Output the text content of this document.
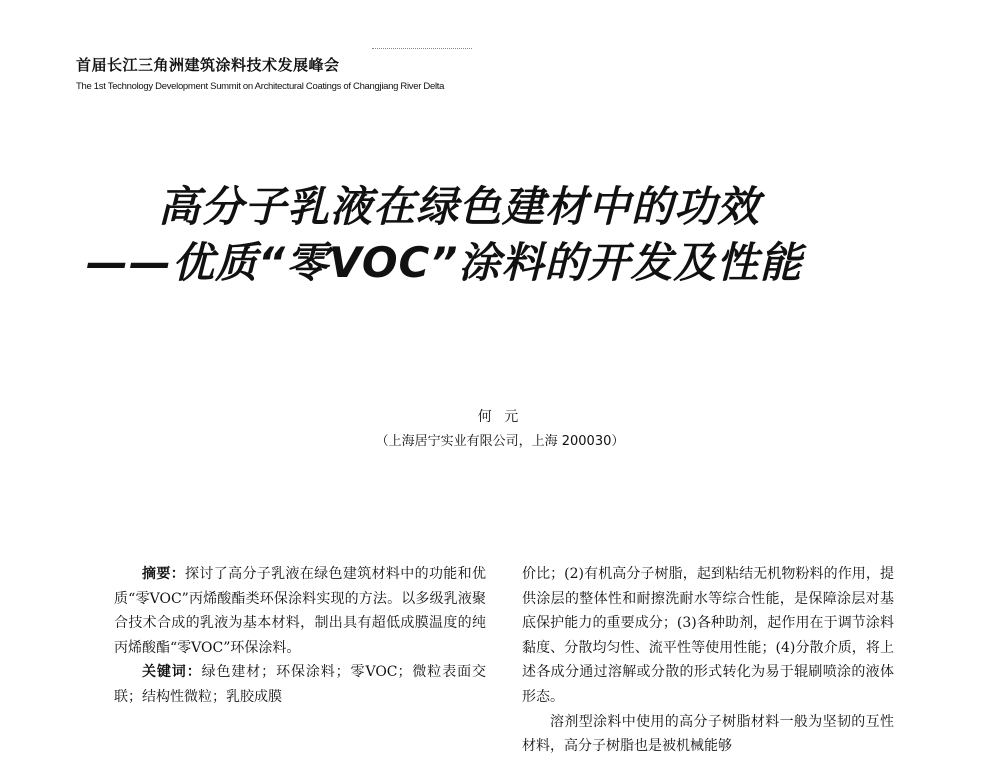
首届长江三角洲建筑涂料技术发展峰会
The 1st Technology Development Summit on Architectural Coatings of Changjiang River Delta
高分子乳液在绿色建材中的功效
——优质“零VOC”涂料的开发及性能
何 元
（上海居宁实业有限公司，上海 200030）

摘要：探讨了高分子乳液在绿色建筑材料中的功能和优质“零VOC”丙烯酸酯类环保涂料实现的方法。以多级乳液聚合技术合成的乳液为基本材料，制出具有超低成膜温度的纯丙烯酸酯“零VOC”环保涂料。

关键词：绿色建材；环保涂料；零VOC；微粒表面交联；结构性微粒；乳胶成膜

价比；(2)有机高分子树脂，起到粘结无机物粉料的作用，提供涂层的整体性和耐擦洗耐水等综合性能，是保障涂层对基底保护能力的重要成分；(3)各种助剂，起作用在于调节涂料黏度、分散均匀性、流平性等使用性能；(4)分散介质，将上述各成分通过溶解或分散的形式转化为易于辊刷喷涂的液体形态。

溶剂型涂料中使用的高分子树脂材料一般为坚韧的互性材料，高分子树脂也是被机械能够
